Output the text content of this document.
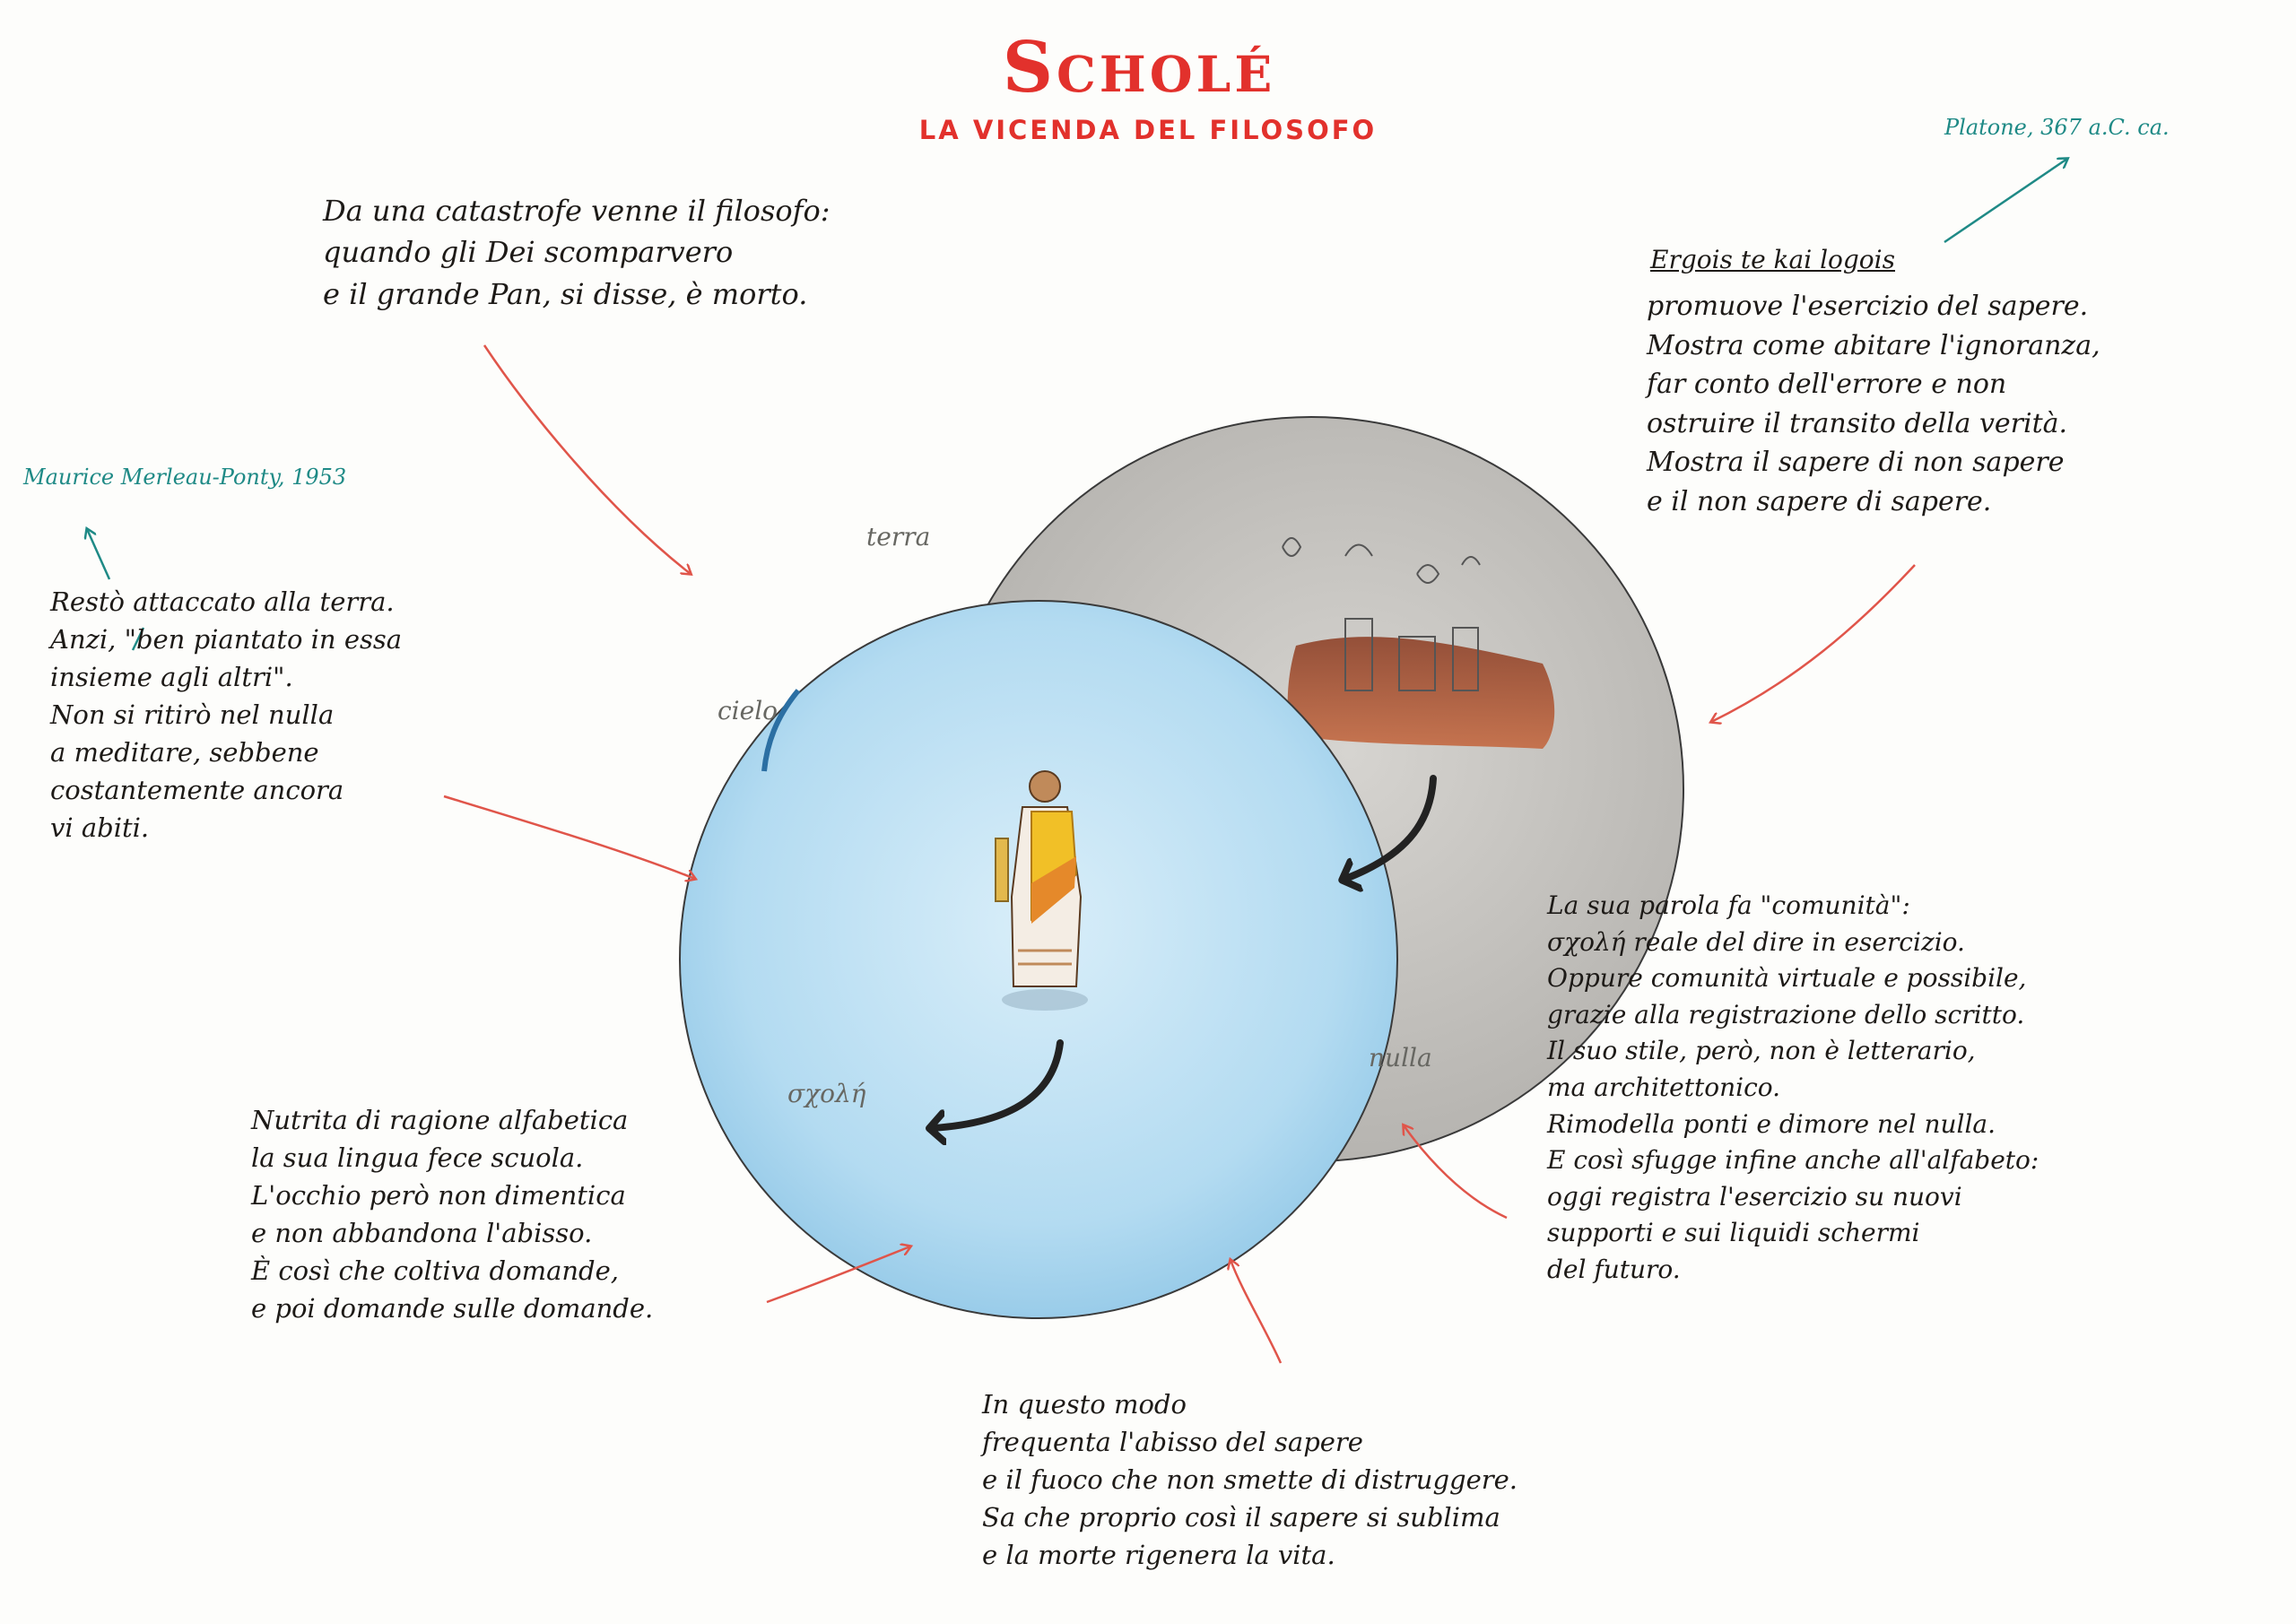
Scholé
LA VICENDA DEL FILOSOFO	Platone, 367 a.C. ca.
Maurice Merleau-Ponty, 1953
terra
cielo
nulla
σχολή
Da una catastrofe venne il filosofo:
quando gli Dei scomparvero
e il grande Pan, si disse, è morto.
Ergois te kai logois
promuove l'esercizio del sapere.
Mostra come abitare l'ignoranza,
far conto dell'errore e non
ostruire il transito della verità.
Mostra il sapere di non sapere
e il non sapere di sapere.
Restò attaccato alla terra.
Anzi, "ben piantato in essa
insieme agli altri".
Non si ritirò nel nulla
a meditare, sebbene
costantemente ancora
vi abiti.
La sua parola fa "comunità":
σχολή reale del dire in esercizio.
Oppure comunità virtuale e possibile,
grazie alla registrazione dello scritto.
Il suo stile, però, non è letterario,
ma architettonico.
Rimodella ponti e dimore nel nulla.
E così sfugge infine anche all'alfabeto:
oggi registra l'esercizio su nuovi
supporti e sui liquidi schermi
del futuro.
Nutrita di ragione alfabetica
la sua lingua fece scuola.
L'occhio però non dimentica
e non abbandona l'abisso.
È così che coltiva domande,
e poi domande sulle domande.
In questo modo
frequenta l'abisso del sapere
e il fuoco che non smette di distruggere.
Sa che proprio così il sapere si sublima
e la morte rigenera la vita.
